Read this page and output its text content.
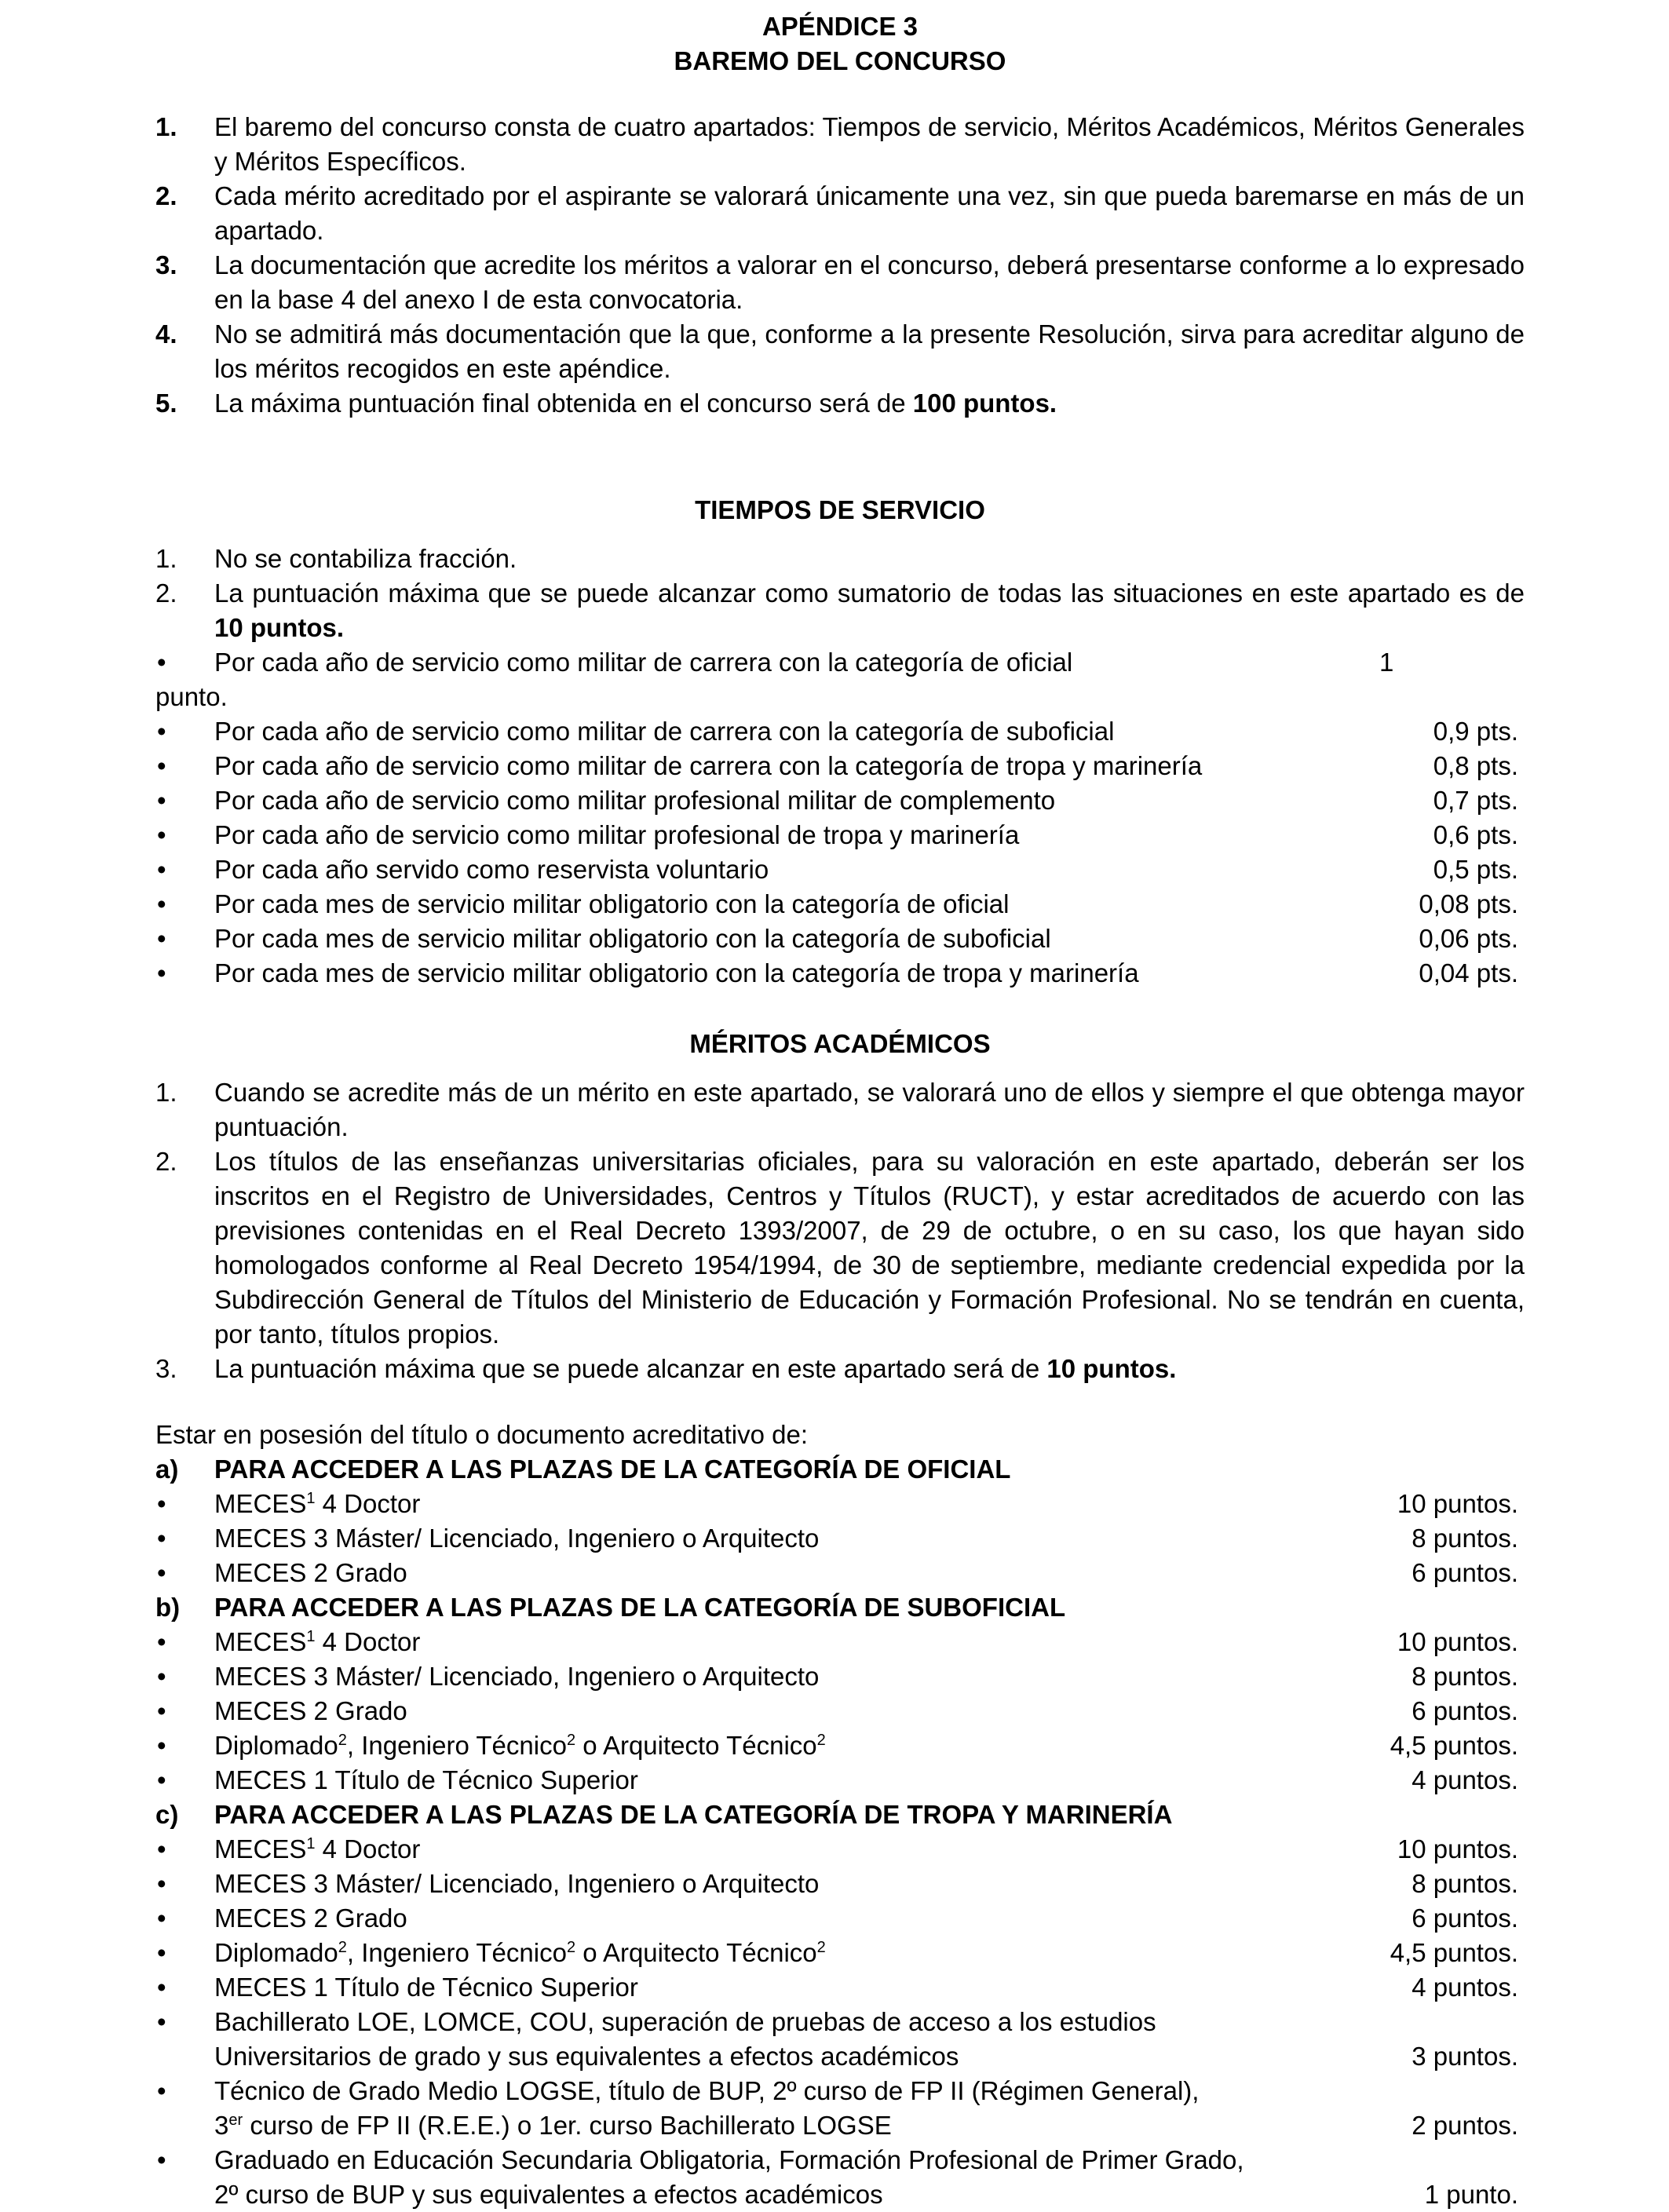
APÉNDICE 3
BAREMO DEL CONCURSO
1.	El baremo del concurso consta de cuatro apartados: Tiempos de servicio, Méritos Académicos, Méritos Generales y Méritos Específicos.
2.	Cada mérito acreditado por el aspirante se valorará únicamente una vez, sin que pueda baremarse en más de un apartado.
3.	La documentación que acredite los méritos a valorar en el concurso, deberá presentarse conforme a lo expresado en la base 4 del anexo I de esta convocatoria.
4.	No se admitirá más documentación que la que, conforme a la presente Resolución, sirva para acreditar alguno de los méritos recogidos en este apéndice.
5.	La máxima puntuación final obtenida en el concurso será de 100 puntos.
TIEMPOS DE SERVICIO
1.	No se contabiliza fracción.
2.	La puntuación máxima que se puede alcanzar como sumatorio de todas las situaciones en este apartado es de 10 puntos.
•	Por cada año de servicio como militar de carrera con la categoría de oficial	1
punto.
•	Por cada año de servicio como militar de carrera con la categoría de suboficial	0,9 pts.
•	Por cada año de servicio como militar de carrera con la categoría de tropa y marinería	0,8 pts.
•	Por cada año de servicio como militar profesional militar de complemento	0,7 pts.
•	Por cada año de servicio como militar profesional de tropa y marinería	0,6 pts.
•	Por cada año servido como reservista voluntario	0,5 pts.
•	Por cada mes de servicio militar obligatorio con la categoría de oficial	0,08 pts.
•	Por cada mes de servicio militar obligatorio con la categoría de suboficial	0,06 pts.
•	Por cada mes de servicio militar obligatorio con la categoría de tropa y marinería	0,04 pts.
MÉRITOS ACADÉMICOS
1.	Cuando se acredite más de un mérito en este apartado, se valorará uno de ellos y siempre el que obtenga mayor puntuación.
2.	Los títulos de las enseñanzas universitarias oficiales, para su valoración en este apartado, deberán ser los inscritos en el Registro de Universidades, Centros y Títulos (RUCT), y estar acreditados de acuerdo con las previsiones contenidas en el Real Decreto 1393/2007, de 29 de octubre, o en su caso, los que hayan sido homologados conforme al Real Decreto 1954/1994, de 30 de septiembre, mediante credencial expedida por la Subdirección General de Títulos del Ministerio de Educación y Formación Profesional. No se tendrán en cuenta, por tanto, títulos propios.
3.	La puntuación máxima que se puede alcanzar en este apartado será de 10 puntos.
Estar en posesión del título o documento acreditativo de:
a)	PARA ACCEDER A LAS PLAZAS DE LA CATEGORÍA DE OFICIAL
•	MECES$^1$ 4 Doctor	10 puntos.
•	MECES 3 Máster/ Licenciado, Ingeniero o Arquitecto	8 puntos.
•	MECES 2 Grado	6 puntos.
b)	PARA ACCEDER A LAS PLAZAS DE LA CATEGORÍA DE SUBOFICIAL
•	MECES$^1$ 4 Doctor	10 puntos.
•	MECES 3 Máster/ Licenciado, Ingeniero o Arquitecto	8 puntos.
•	MECES 2 Grado	6 puntos.
•	Diplomado$^2$, Ingeniero Técnico$^2$ o Arquitecto Técnico$^2$	4,5 puntos.
•	MECES 1 Título de Técnico Superior	4 puntos.
c)	PARA ACCEDER A LAS PLAZAS DE LA CATEGORÍA DE TROPA Y MARINERÍA
•	MECES$^1$ 4 Doctor	10 puntos.
•	MECES 3 Máster/ Licenciado, Ingeniero o Arquitecto	8 puntos.
•	MECES 2 Grado	6 puntos.
•	Diplomado$^2$, Ingeniero Técnico$^2$ o Arquitecto Técnico$^2$	4,5 puntos.
•	MECES 1 Título de Técnico Superior	4 puntos.
•	Bachillerato LOE, LOMCE, COU, superación de pruebas de acceso a los estudios
Universitarios de grado y sus equivalentes a efectos académicos	3 puntos.
•	Técnico de Grado Medio LOGSE, título de BUP, 2º curso de FP II (Régimen General),
3er curso de FP II (R.E.E.) o 1er. curso Bachillerato LOGSE	2 puntos.
•	Graduado en Educación Secundaria Obligatoria, Formación Profesional de Primer Grado,
2º curso de BUP y sus equivalentes a efectos académicos	1 punto.
